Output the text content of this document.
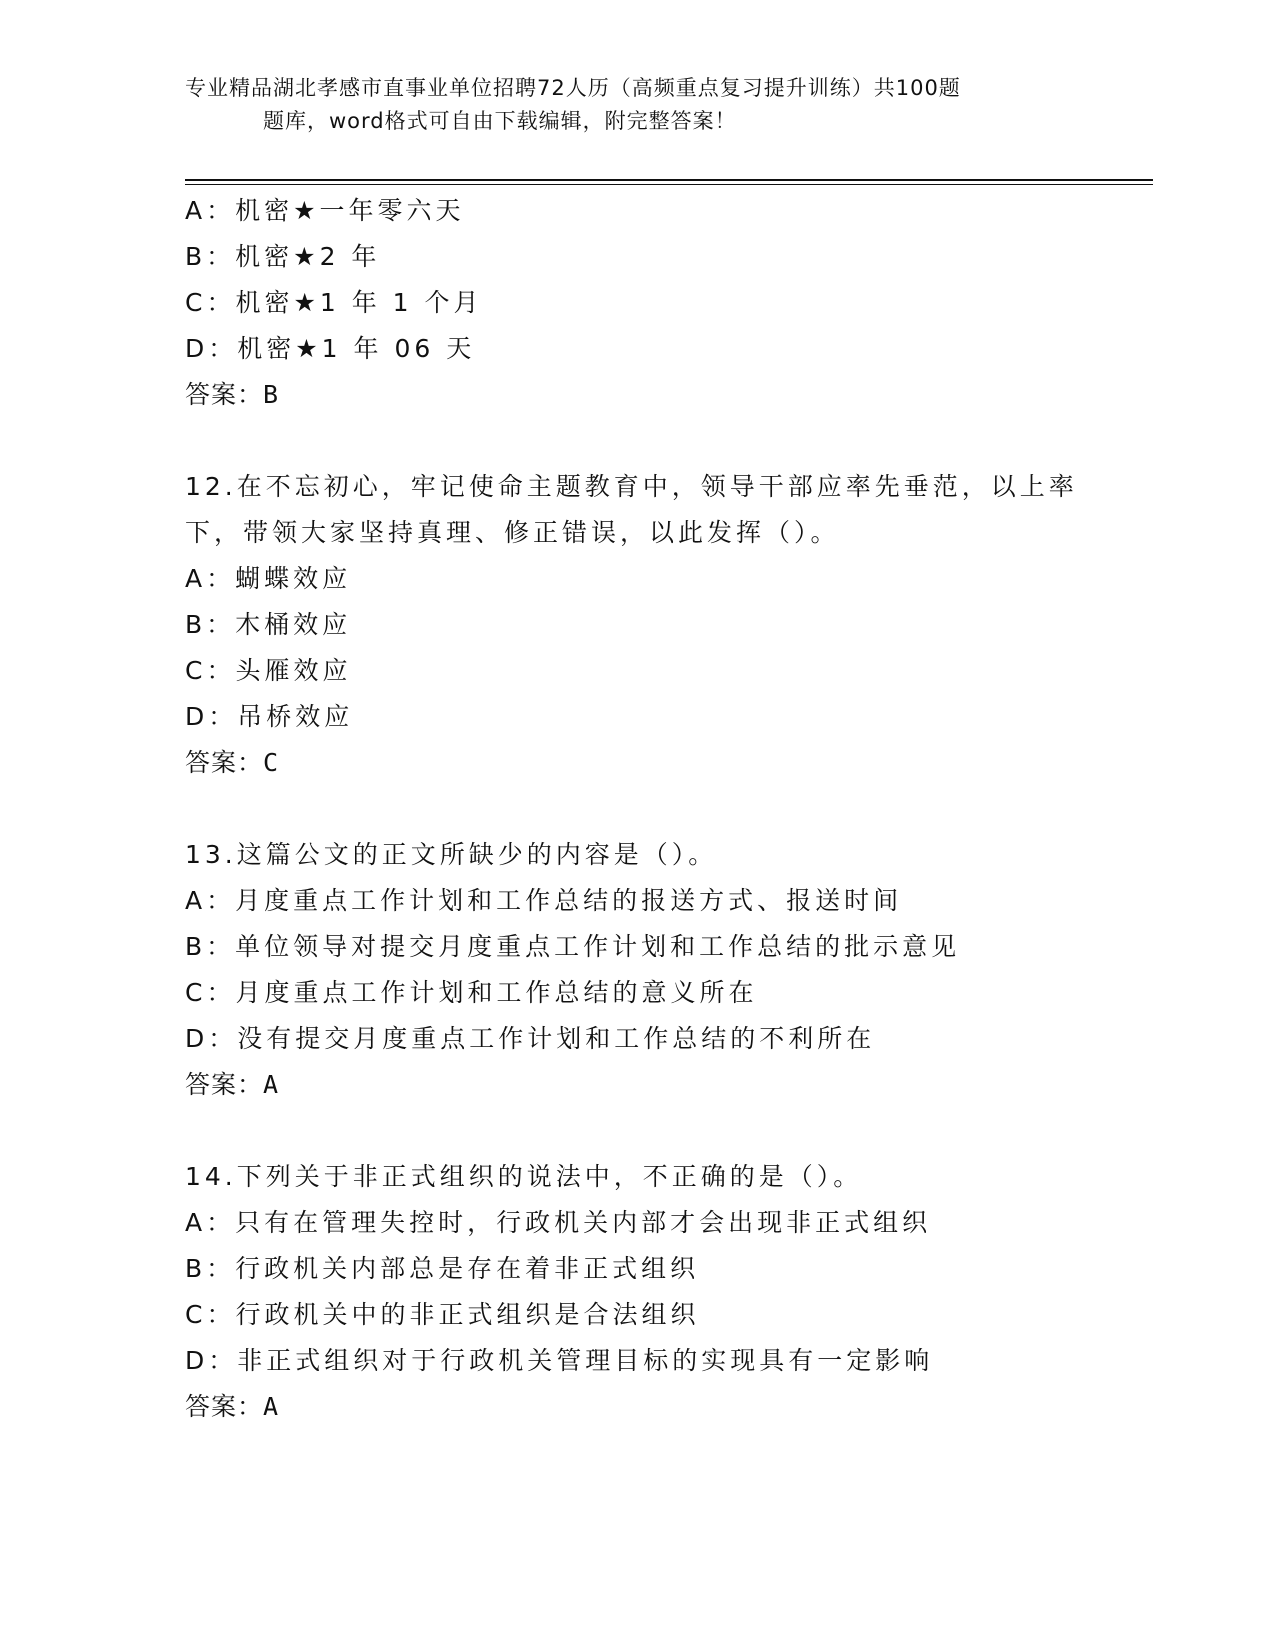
专业精品湖北孝感市直事业单位招聘72人历（高频重点复习提升训练）共100题
题库，word格式可自由下载编辑，附完整答案！
A：机密★一年零六天
B：机密★2 年
C：机密★1 年 1 个月
D：机密★1 年 06 天
答案：B
12.在不忘初心，牢记使命主题教育中，领导干部应率先垂范，以上率
下，带领大家坚持真理、修正错误，以此发挥（）。
A：蝴蝶效应
B：木桶效应
C：头雁效应
D：吊桥效应
答案：C
13.这篇公文的正文所缺少的内容是（）。
A：月度重点工作计划和工作总结的报送方式、报送时间
B：单位领导对提交月度重点工作计划和工作总结的批示意见
C：月度重点工作计划和工作总结的意义所在
D：没有提交月度重点工作计划和工作总结的不利所在
答案：A
14.下列关于非正式组织的说法中，不正确的是（）。
A：只有在管理失控时，行政机关内部才会出现非正式组织
B：行政机关内部总是存在着非正式组织
C：行政机关中的非正式组织是合法组织
D：非正式组织对于行政机关管理目标的实现具有一定影响
答案：A
